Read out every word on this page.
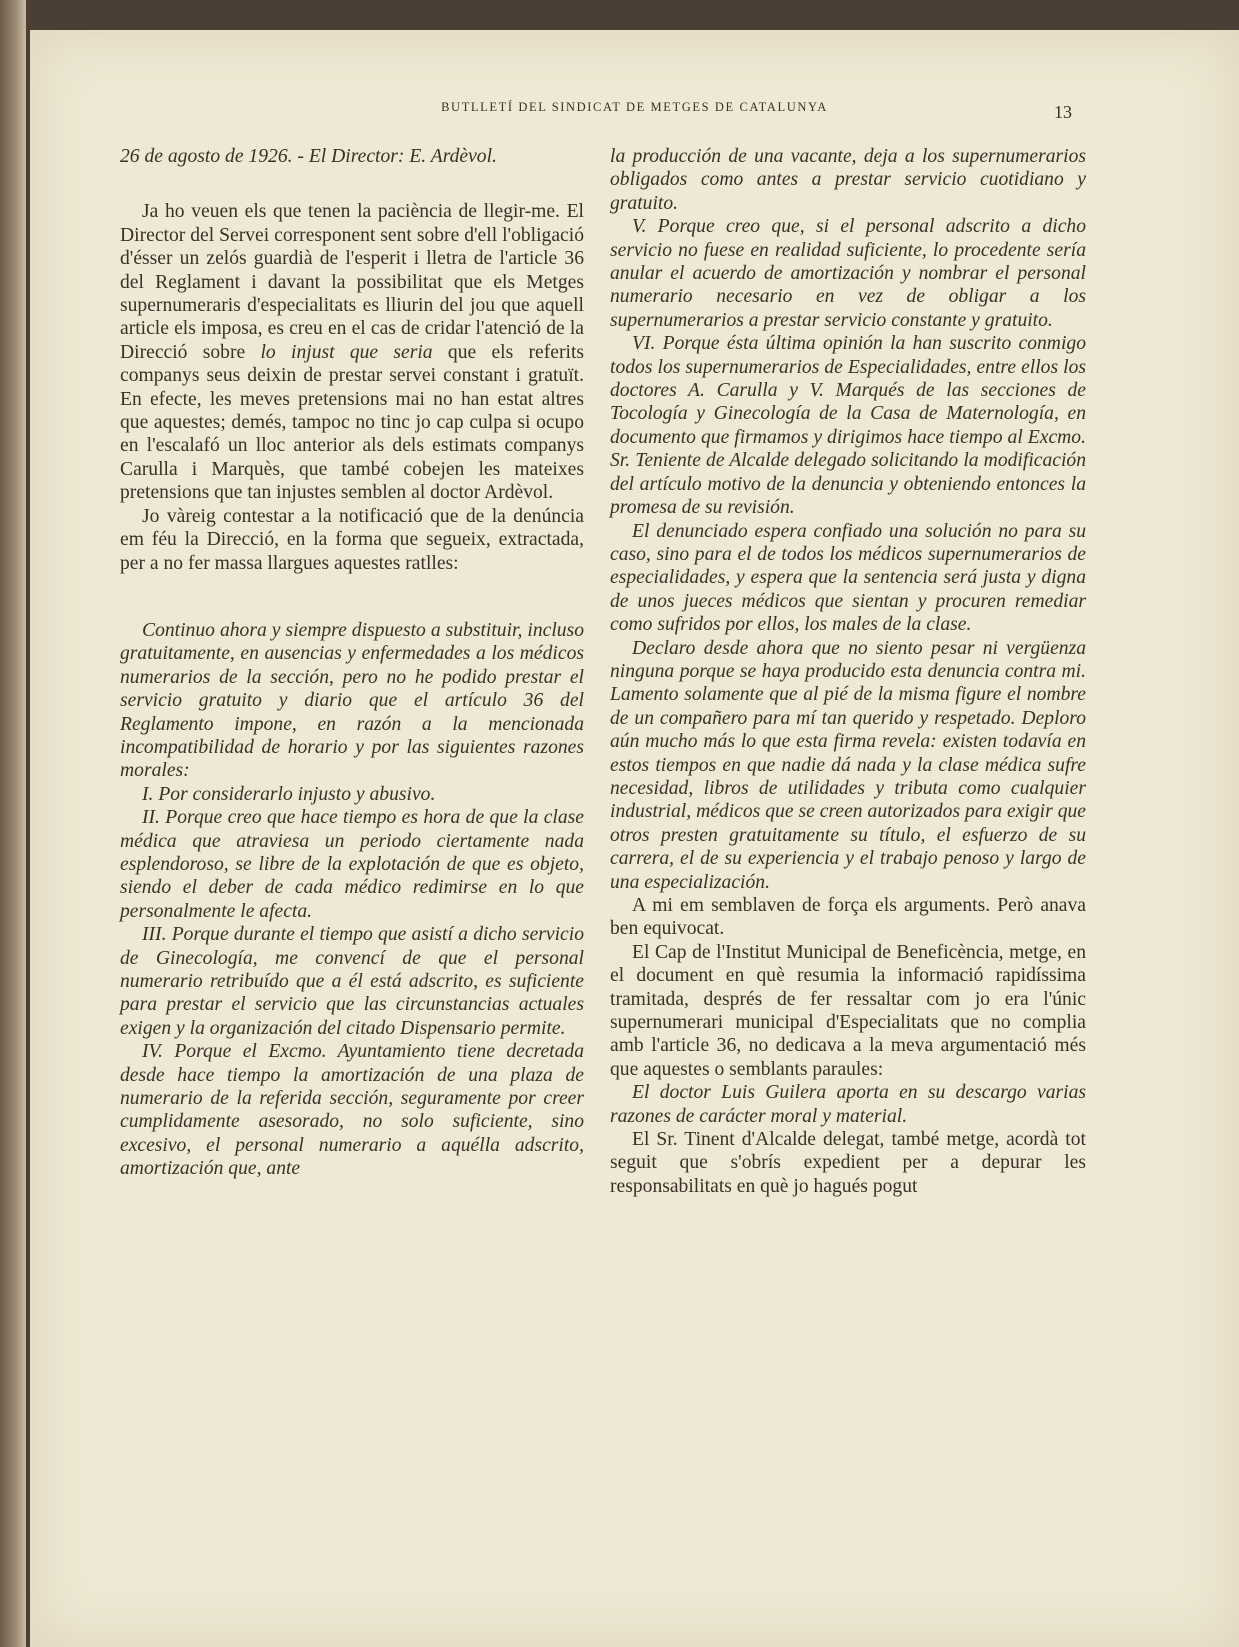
BUTLLETÍ DEL SINDICAT DE METGES DE CATALUNYA	13

26 de agosto de 1926. - El Director: E. Ardèvol.

Ja ho veuen els que tenen la paciència de llegir-me. El Director del Servei corresponent sent sobre d'ell l'obligació d'ésser un zelós guardià de l'esperit i lletra de l'article 36 del Reglament i davant la possibilitat que els Metges supernumeraris d'especialitats es lliurin del jou que aquell article els imposa, es creu en el cas de cridar l'atenció de la Direcció sobre lo injust que seria que els referits companys seus deixin de prestar servei constant i gratuït. En efecte, les meves pretensions mai no han estat altres que aquestes; demés, tampoc no tinc jo cap culpa si ocupo en l'escalafó un lloc anterior als dels estimats companys Carulla i Marquès, que també cobejen les mateixes pretensions que tan injustes semblen al doctor Ardèvol.

Jo vàreig contestar a la notificació que de la denúncia em féu la Direcció, en la forma que segueix, extractada, per a no fer massa llargues aquestes ratlles:

Continuo ahora y siempre dispuesto a substituir, incluso gratuitamente, en ausencias y enfermedades a los médicos numerarios de la sección, pero no he podido prestar el servicio gratuito y diario que el artículo 36 del Reglamento impone, en razón a la mencionada incompatibilidad de horario y por las siguientes razones morales:

I. Por considerarlo injusto y abusivo.

II. Porque creo que hace tiempo es hora de que la clase médica que atraviesa un periodo ciertamente nada esplendoroso, se libre de la explotación de que es objeto, siendo el deber de cada médico redimirse en lo que personalmente le afecta.

III. Porque durante el tiempo que asistí a dicho servicio de Ginecología, me convencí de que el personal numerario retribuído que a él está adscrito, es suficiente para prestar el servicio que las circunstancias actuales exigen y la organización del citado Dispensario permite.

IV. Porque el Excmo. Ayuntamiento tiene decretada desde hace tiempo la amortización de una plaza de numerario de la referida sección, seguramente por creer cumplidamente asesorado, no solo suficiente, sino excesivo, el personal numerario a aquélla adscrito, amortización que, ante

la producción de una vacante, deja a los supernumerarios obligados como antes a prestar servicio cuotidiano y gratuito.

V. Porque creo que, si el personal adscrito a dicho servicio no fuese en realidad suficiente, lo procedente sería anular el acuerdo de amortización y nombrar el personal numerario necesario en vez de obligar a los supernumerarios a prestar servicio constante y gratuito.

VI. Porque ésta última opinión la han suscrito conmigo todos los supernumerarios de Especialidades, entre ellos los doctores A. Carulla y V. Marqués de las secciones de Tocología y Ginecología de la Casa de Maternología, en documento que firmamos y dirigimos hace tiempo al Excmo. Sr. Teniente de Alcalde delegado solicitando la modificación del artículo motivo de la denuncia y obteniendo entonces la promesa de su revisión.

El denunciado espera confiado una solución no para su caso, sino para el de todos los médicos supernumerarios de especialidades, y espera que la sentencia será justa y digna de unos jueces médicos que sientan y procuren remediar como sufridos por ellos, los males de la clase.

Declaro desde ahora que no siento pesar ni vergüenza ninguna porque se haya producido esta denuncia contra mi. Lamento solamente que al pié de la misma figure el nombre de un compañero para mí tan querido y respetado. Deploro aún mucho más lo que esta firma revela: existen todavía en estos tiempos en que nadie dá nada y la clase médica sufre necesidad, libros de utilidades y tributa como cualquier industrial, médicos que se creen autorizados para exigir que otros presten gratuitamente su título, el esfuerzo de su carrera, el de su experiencia y el trabajo penoso y largo de una especialización.

A mi em semblaven de força els arguments. Però anava ben equivocat.

El Cap de l'Institut Municipal de Beneficència, metge, en el document en què resumia la informació rapidíssima tramitada, després de fer ressaltar com jo era l'únic supernumerari municipal d'Especialitats que no complia amb l'article 36, no dedicava a la meva argumentació més que aquestes o semblants paraules:

El doctor Luis Guilera aporta en su descargo varias razones de carácter moral y material.

El Sr. Tinent d'Alcalde delegat, també metge, acordà tot seguit que s'obrís expedient per a depurar les responsabilitats en què jo hagués pogut
